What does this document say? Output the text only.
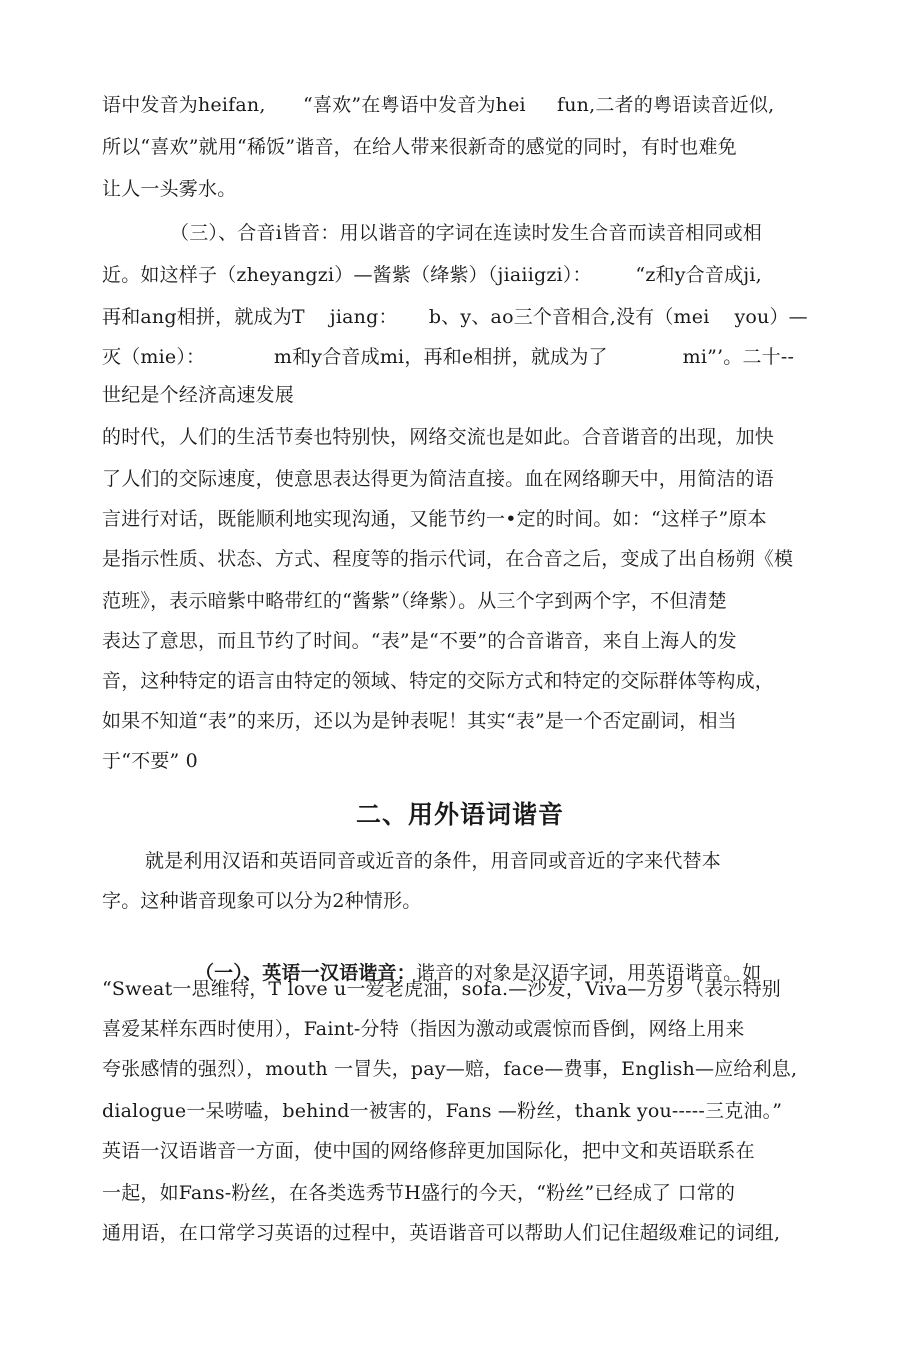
语中发音为heifan,      “喜欢”在粤语中发音为hei     fun,二者的粤语读音近似,
所以“喜欢”就用“稀饭”谐音，在给人带来很新奇的感觉的同时，有时也难免
让人一头雾水。
（三）、合音i皆音：用以谐音的字词在连读时发生合音而读音相同或相
近。如这样子（zheyangzi）—酱紫（绛紫）（jiaiigzi）：       “z和y合音成ji,
再和ang相拼，就成为T    jiang：     b、y、ao三个音相合,没有（mei    you）—
灭（mie）：           m和y合音成mi，再和e相拼，就成为了            mi”’。二十--
世纪是个经济高速发展
的时代，人们的生活节奏也特别快，网络交流也是如此。合音谐音的出现，加快
了人们的交际速度，使意思表达得更为简洁直接。血在网络聊天中，用简洁的语
言进行对话，既能顺利地实现沟通，又能节约一•定的时间。如：“这样子”原本
是指示性质、状态、方式、程度等的指示代词，在合音之后，变成了出自杨朔《模
范班》，表示暗紫中略带红的“酱紫”（绛紫）。从三个字到两个字，不但清楚
表达了意思，而且节约了时间。“表”是“不要”的合音谐音，来自上海人的发
音，这种特定的语言由特定的领域、特定的交际方式和特定的交际群体等构成，
如果不知道“表”的来历，还以为是钟表呢！其实“表”是一个否定副词，相当
于“不要” 0
二、用外语词谐音
就是利用汉语和英语同音或近音的条件，用音同或音近的字来代替本
字。这种谐音现象可以分为2种情形。

（一）、英语一汉语谐音：谐音的对象是汉语字词，用英语谐音。如

“Sweat一思维特，T love u一爱老虎油，sofa.—沙发，Viva—万岁（表示特别
喜爱某样东西时使用），Faint-分特（指因为激动或震惊而昏倒，网络上用来
夸张感情的强烈），mouth 一冒失，pay—赔，face—费事，English—应给利息,
dialogue一呆唠嗑，behind一被害的，Fans —粉丝，thank you-----三克油。”
英语一汉语谐音一方面，使中国的网络修辞更加国际化，把中文和英语联系在
一起，如Fans-粉丝，在各类选秀节H盛行的今天，“粉丝”已经成了 口常的
通用语，在口常学习英语的过程中，英语谐音可以帮助人们记住超级难记的词组,
